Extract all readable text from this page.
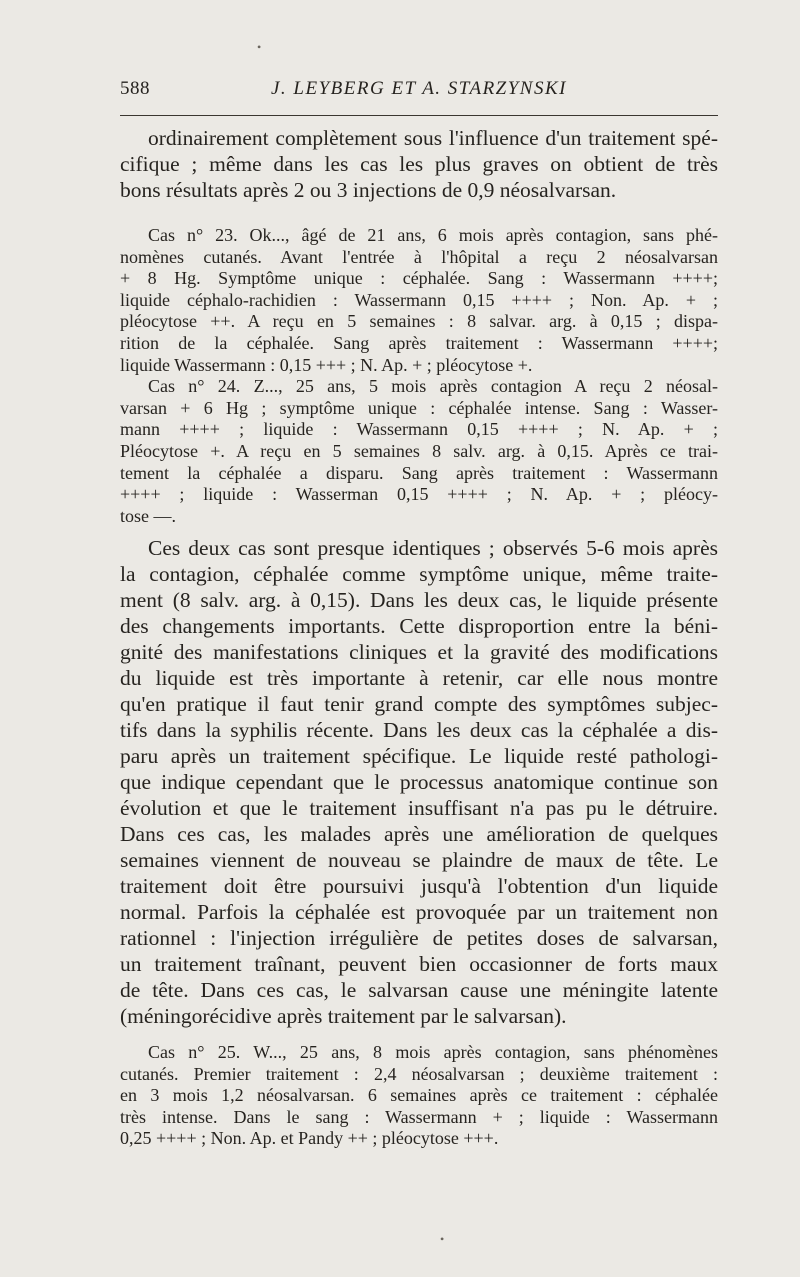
588	J. LEYBERG ET A. STARZYNSKI
ordinairement complètement sous l'influence d'un traitement spé-
cifique ; même dans les cas les plus graves on obtient de très
bons résultats après 2 ou 3 injections de 0,9 néosalvarsan.
Cas n° 23. Ok..., âgé de 21 ans, 6 mois après contagion, sans phé-
nomènes cutanés. Avant l'entrée à l'hôpital a reçu 2 néosalvarsan
+ 8 Hg. Symptôme unique : céphalée. Sang : Wassermann ++++;
liquide céphalo-rachidien : Wassermann 0,15 ++++ ; Non. Ap. + ;
pléocytose ++. A reçu en 5 semaines : 8 salvar. arg. à 0,15 ; dispa-
rition de la céphalée. Sang après traitement : Wassermann ++++;
liquide Wassermann : 0,15 +++ ; N. Ap. + ; pléocytose +.
Cas n° 24. Z..., 25 ans, 5 mois après contagion A reçu 2 néosal-
varsan + 6 Hg ; symptôme unique : céphalée intense. Sang : Wasser-
mann ++++ ; liquide : Wassermann 0,15 ++++ ; N. Ap. + ;
Pléocytose +. A reçu en 5 semaines 8 salv. arg. à 0,15. Après ce trai-
tement la céphalée a disparu. Sang après traitement : Wassermann
++++ ; liquide : Wasserman 0,15 ++++ ; N. Ap. + ; pléocy-
tose —.
Ces deux cas sont presque identiques ; observés 5-6 mois après
la contagion, céphalée comme symptôme unique, même traite-
ment (8 salv. arg. à 0,15). Dans les deux cas, le liquide présente
des changements importants. Cette disproportion entre la béni-
gnité des manifestations cliniques et la gravité des modifications
du liquide est très importante à retenir, car elle nous montre
qu'en pratique il faut tenir grand compte des symptômes subjec-
tifs dans la syphilis récente. Dans les deux cas la céphalée a dis-
paru après un traitement spécifique. Le liquide resté pathologi-
que indique cependant que le processus anatomique continue son
évolution et que le traitement insuffisant n'a pas pu le détruire.
Dans ces cas, les malades après une amélioration de quelques
semaines viennent de nouveau se plaindre de maux de tête. Le
traitement doit être poursuivi jusqu'à l'obtention d'un liquide
normal. Parfois la céphalée est provoquée par un traitement non
rationnel : l'injection irrégulière de petites doses de salvarsan,
un traitement traînant, peuvent bien occasionner de forts maux
de tête. Dans ces cas, le salvarsan cause une méningite latente
(méningorécidive après traitement par le salvarsan).
Cas n° 25. W..., 25 ans, 8 mois après contagion, sans phénomènes
cutanés. Premier traitement : 2,4 néosalvarsan ; deuxième traitement :
en 3 mois 1,2 néosalvarsan. 6 semaines après ce traitement : céphalée
très intense. Dans le sang : Wassermann + ; liquide : Wassermann
0,25 ++++ ; Non. Ap. et Pandy ++ ; pléocytose +++.
•
•
